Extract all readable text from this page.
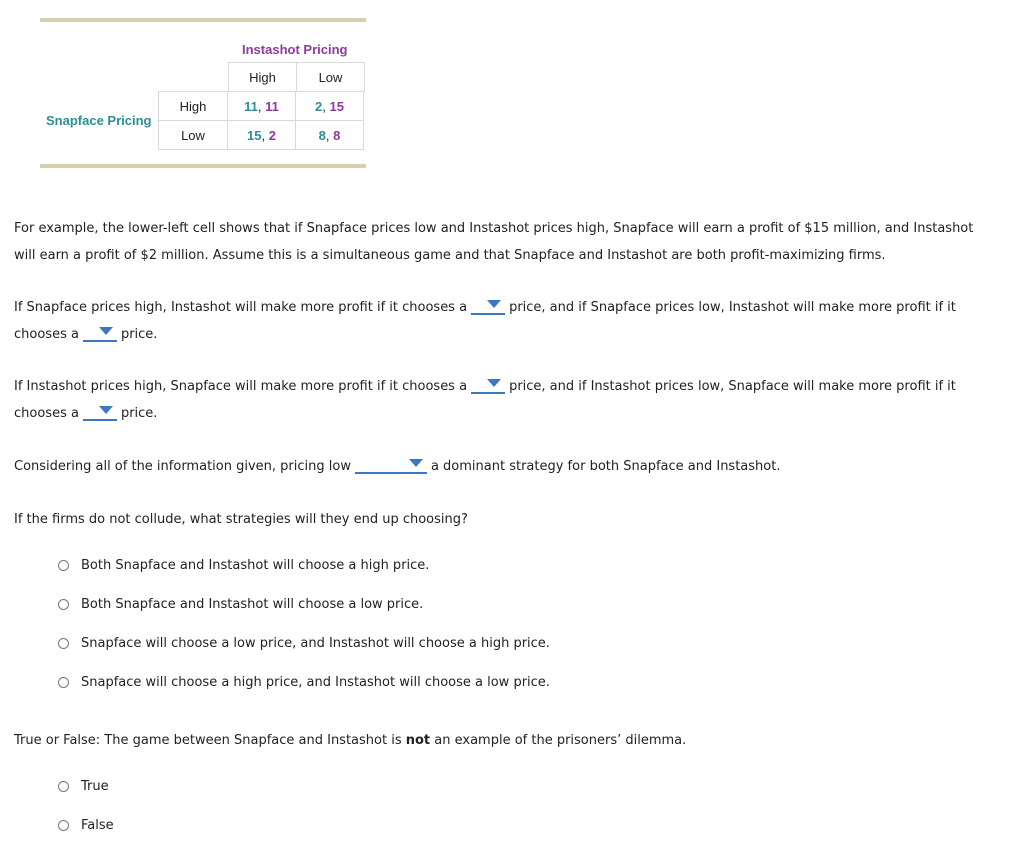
Instashot Pricing
Snapface Pricing
High	Low
High	11, 11	2, 15
Low	15, 2	8, 8
For example, the lower-left cell shows that if Snapface prices low and Instashot prices high, Snapface will earn a profit of $15 million, and Instashot
will earn a profit of $2 million. Assume this is a simultaneous game and that Snapface and Instashot are both profit-maximizing firms.
If Snapface prices high, Instashot will make more profit if it chooses a	price, and if Snapface prices low, Instashot will make more profit if it
chooses a	price.
If Instashot prices high, Snapface will make more profit if it chooses a	price, and if Instashot prices low, Snapface will make more profit if it
chooses a	price.
Considering all of the information given, pricing low	a dominant strategy for both Snapface and Instashot.
If the firms do not collude, what strategies will they end up choosing?
Both Snapface and Instashot will choose a high price.
Both Snapface and Instashot will choose a low price.
Snapface will choose a low price, and Instashot will choose a high price.
Snapface will choose a high price, and Instashot will choose a low price.
True or False: The game between Snapface and Instashot is not an example of the prisoners’ dilemma.
True
False
